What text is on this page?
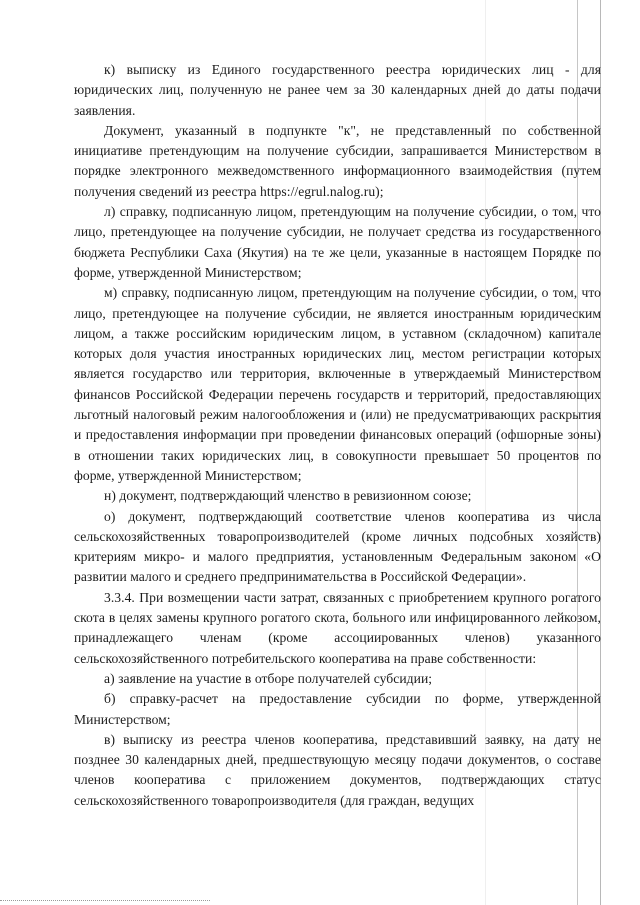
к) выписку из Единого государственного реестра юридических лиц - для юридических лиц, полученную не ранее чем за 30 календарных дней до даты подачи заявления.

Документ, указанный в подпункте "к", не представленный по собственной инициативе претендующим на получение субсидии, запрашивается Министерством в порядке электронного межведомственного информационного взаимодействия (путем получения сведений из реестра https://egrul.nalog.ru);

л) справку, подписанную лицом, претендующим на получение субсидии, о том, что лицо, претендующее на получение субсидии, не получает средства из государственного бюджета Республики Саха (Якутия) на те же цели, указанные в настоящем Порядке по форме, утвержденной Министерством;

м) справку, подписанную лицом, претендующим на получение субсидии, о том, что лицо, претендующее на получение субсидии, не является иностранным юридическим лицом, а также российским юридическим лицом, в уставном (складочном) капитале которых доля участия иностранных юридических лиц, местом регистрации которых является государство или территория, включенные в утверждаемый Министерством финансов Российской Федерации перечень государств и территорий, предоставляющих льготный налоговый режим налогообложения и (или) не предусматривающих раскрытия и предоставления информации при проведении финансовых операций (офшорные зоны) в отношении таких юридических лиц, в совокупности превышает 50 процентов по форме, утвержденной Министерством;

н) документ, подтверждающий членство в ревизионном союзе;

о) документ, подтверждающий соответствие членов кооператива из числа сельскохозяйственных товаропроизводителей (кроме личных подсобных хозяйств) критериям микро- и малого предприятия, установленным Федеральным законом «О развитии малого и среднего предпринимательства в Российской Федерации».

3.3.4. При возмещении части затрат, связанных с приобретением крупного рогатого скота в целях замены крупного рогатого скота, больного или инфицированного лейкозом, принадлежащего членам (кроме ассоциированных членов) указанного сельскохозяйственного потребительского кооператива на праве собственности:

а) заявление на участие в отборе получателей субсидии;

б) справку-расчет на предоставление субсидии по форме, утвержденной Министерством;

в) выписку из реестра членов кооператива, представивший заявку, на дату не позднее 30 календарных дней, предшествующую месяцу подачи документов, о составе членов кооператива с приложением документов, подтверждающих статус сельскохозяйственного товаропроизводителя (для граждан, ведущих
